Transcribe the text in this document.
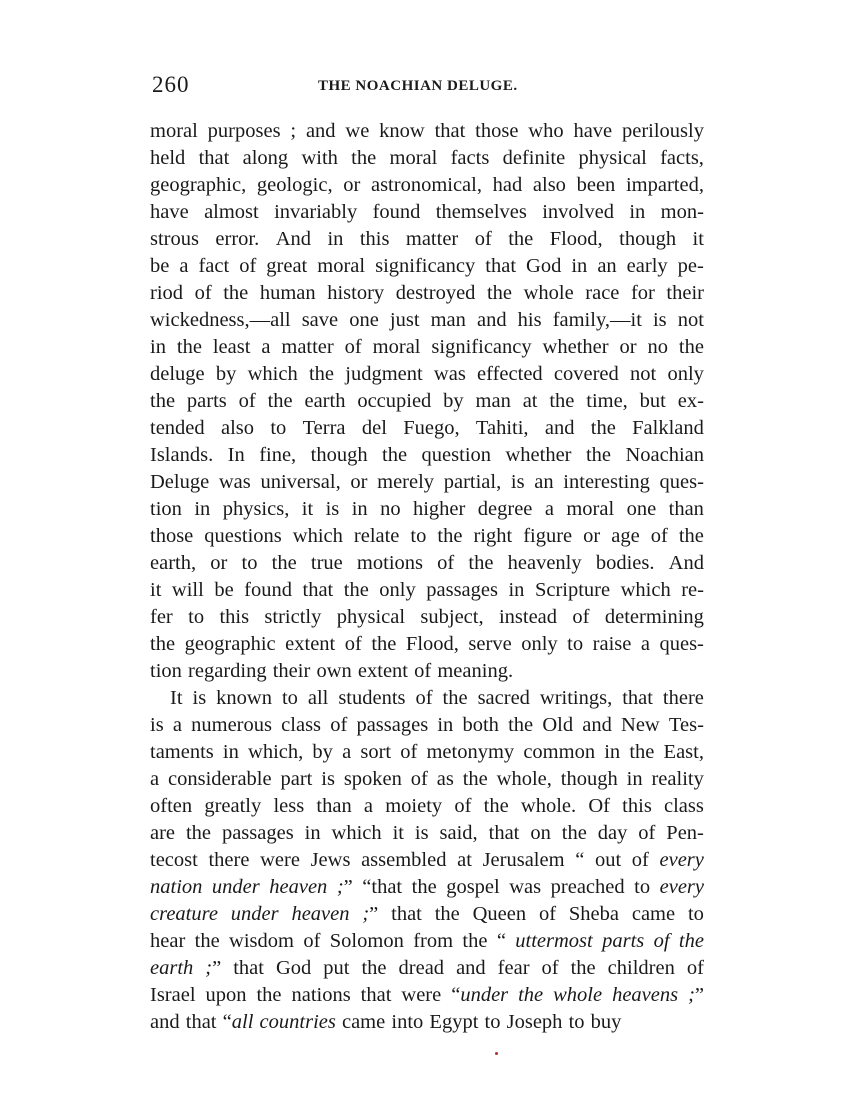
260	THE NOACHIAN DELUGE.
moral purposes ; and we know that those who have perilously
held that along with the moral facts definite physical facts,
geographic, geologic, or astronomical, had also been imparted,
have almost invariably found themselves involved in mon-
strous error. And in this matter of the Flood, though it
be a fact of great moral significancy that God in an early pe-
riod of the human history destroyed the whole race for their
wickedness,—all save one just man and his family,—it is not
in the least a matter of moral significancy whether or no the
deluge by which the judgment was effected covered not only
the parts of the earth occupied by man at the time, but ex-
tended also to Terra del Fuego, Tahiti, and the Falkland
Islands. In fine, though the question whether the Noachian
Deluge was universal, or merely partial, is an interesting ques-
tion in physics, it is in no higher degree a moral one than
those questions which relate to the right figure or age of the
earth, or to the true motions of the heavenly bodies. And
it will be found that the only passages in Scripture which re-
fer to this strictly physical subject, instead of determining
the geographic extent of the Flood, serve only to raise a ques-
tion regarding their own extent of meaning.
It is known to all students of the sacred writings, that there
is a numerous class of passages in both the Old and New Tes-
taments in which, by a sort of metonymy common in the East,
a considerable part is spoken of as the whole, though in reality
often greatly less than a moiety of the whole. Of this class
are the passages in which it is said, that on the day of Pen-
tecost there were Jews assembled at Jerusalem “ out of every
nation under heaven ;” “that the gospel was preached to every
creature under heaven ;” that the Queen of Sheba came to
hear the wisdom of Solomon from the “ uttermost parts of the
earth ;” that God put the dread and fear of the children of
Israel upon the nations that were “under the whole heavens ;”
and that “all countries came into Egypt to Joseph to buy
